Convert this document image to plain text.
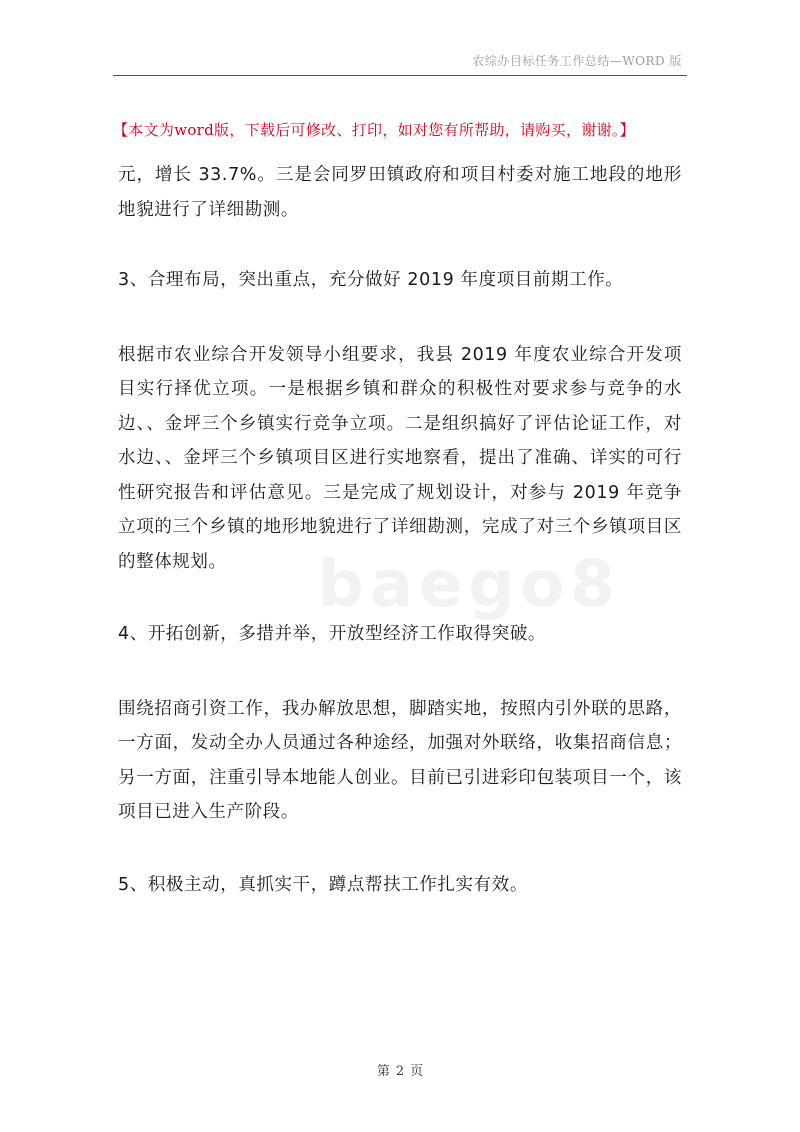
农综办目标任务工作总结—WORD 版
【本文为word版，下载后可修改、打印，如对您有所帮助，请购买，谢谢。】
baeg​o8

元，增长 33.7%。三是会同罗田镇政府和项目村委对施工地段的地形地貌进行了详细勘测。

3、合理布局，突出重点，充分做好 2019 年度项目前期工作。

根据市农业综合开发领导小组要求，我县 2019 年度农业综合开发项目实行择优立项。一是根据乡镇和群众的积极性对要求参与竞争的水边、、金坪三个乡镇实行竞争立项。二是组织搞好了评估论证工作，对水边、、金坪三个乡镇项目区进行实地察看，提出了准确、详实的可行性研究报告和评估意见。三是完成了规划设计，对参与 2019 年竞争立项的三个乡镇的地形地貌进行了详细勘测，完成了对三个乡镇项目区的整体规划。

4、开拓创新，多措并举，开放型经济工作取得突破。

围绕招商引资工作，我办解放思想，脚踏实地，按照内引外联的思路，一方面，发动全办人员通过各种途经，加强对外联络，收集招商信息；另一方面，注重引导本地能人创业。目前已引进彩印包装项目一个，该项目已进入生产阶段。

5、积极主动，真抓实干，蹲点帮扶工作扎实有效。

第 2 页
